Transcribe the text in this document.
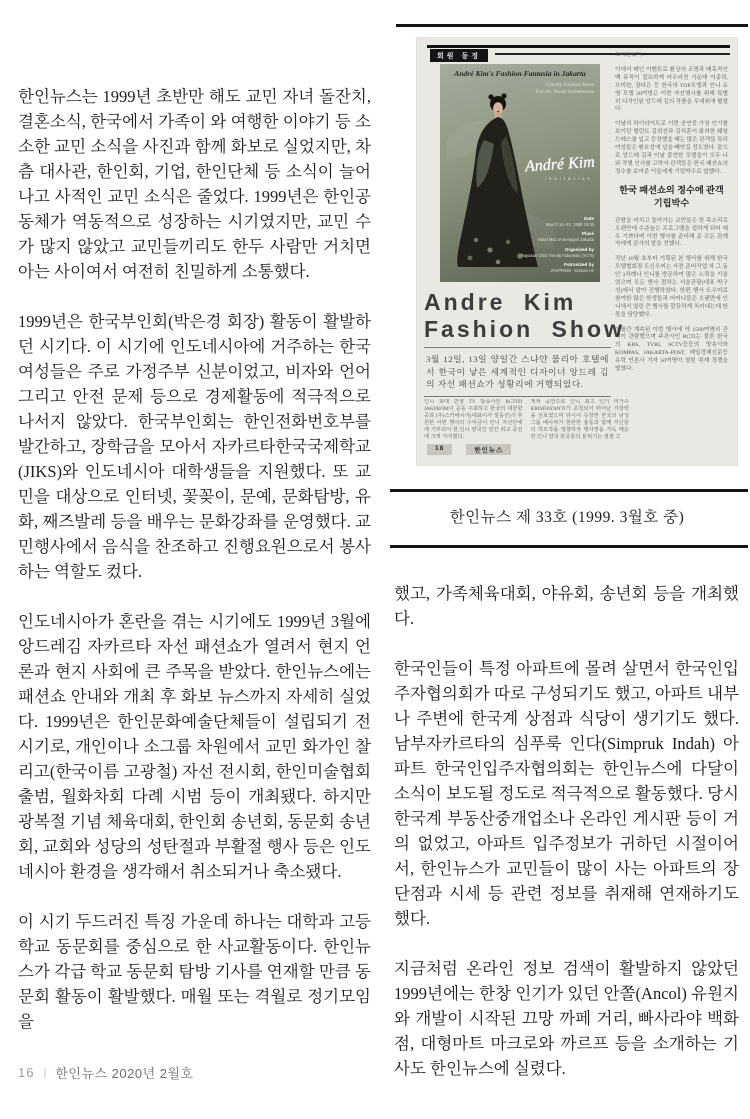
한인뉴스는 1999년 초반만 해도 교민 자녀 돌잔치, 결혼소식, 한국에서 가족이 와 여행한 이야기 등 소소한 교민 소식을 사진과 함께 화보로 실었지만, 차츰 대사관, 한인회, 기업, 한인단체 등 소식이 늘어나고 사적인 교민 소식은 줄었다. 1999년은 한인공동체가 역동적으로 성장하는 시기였지만, 교민 수가 많지 않았고 교민들끼리도 한두 사람만 거치면 아는 사이여서 여전히 친밀하게 소통했다.

1999년은 한국부인회(박은경 회장) 활동이 활발하던 시기다. 이 시기에 인도네시아에 거주하는 한국 여성들은 주로 가정주부 신분이었고, 비자와 언어 그리고 안전 문제 등으로 경제활동에 적극적으로 나서지 않았다. 한국부인회는 한인전화번호부를 발간하고, 장학금을 모아서 자카르타한국국제학교(JIKS)와 인도네시아 대학생들을 지원했다. 또 교민을 대상으로 인터넷, 꽃꽂이, 문예, 문화탐방, 유화, 째즈발레 등을 배우는 문화강좌를 운영했다. 교민행사에서 음식을 찬조하고 진행요원으로서 봉사하는 역할도 컸다.

인도네시아가 혼란을 겪는 시기에도 1999년 3월에 앙드레김 자카르타 자선 패션쇼가 열려서 현지 언론과 현지 사회에 큰 주목을 받았다. 한인뉴스에는 패션쇼 안내와 개최 후 화보 뉴스까지 자세히 실었다. 1999년은 한인문화예술단체들이 설립되기 전 시기로, 개인이나 소그룹 차원에서 교민 화가인 찰리고(한국이름 고광철) 자선 전시회, 한인미술협회 출범, 월화차회 다례 시범 등이 개최됐다. 하지만 광복절 기념 체육대회, 한인회 송년회, 동문회 송년회, 교회와 성당의 성탄절과 부활절 행사 등은 인도네시아 환경을 생각해서 취소되거나 축소됐다.

이 시기 두드러진 특징 가운데 하나는 대학과 고등학교 동문회를 중심으로 한 사교활동이다. 한인뉴스가 각급 학교 동문회 탐방 기사를 연재할 만큼 동문회 활동이 활발했다. 매월 또는 격월로 정기모임을

한인뉴스 제 33호 (1999. 3월호 중)
회원 동정
André Kim's Fashion Fantasia in Jakarta
Charity Fashion Show
For the Needy Indonesians
André Kim
invitation
Date
March 12~13, 1999 19:00
Place
Hotel MULIA Senayan Jakarta
Organized by
Yayasan Citra Trendy Indonesia (YCTI)
Patronized by
JAKPROM · Korean Air

초대받았다.

이에서 메인 이벤트로 환상의 조명과 매혹적인 백 뮤직이 절묘하게 어우러진 가운데 이종희, 오미란, 장다은 등 한국의 TOP모델과 인니 유명 모델 20여명은 이번 자선행사를 위해 특별히 디자인된 앙드레 김의 작품을 무대위에 펼쳤다.

이날의 하이라이트로 이번 공연중 가장 인기를 보이던 탤런트 김희선과 김석훈이 화려한 웨딩드레스를 입고 등장했을 때는 많은 관객들 특히 여성들은 환호성에 넋을 빼앗길 정도였다. 끝으로 앙드레 김과 이날 출연한 모델들이 모두 나와 작별 인사를 고하자 관객들은 한국 패션쇼의 정수를 보여준 이들에게 기립박수로 답했다.

한국 패션쇼의 정수에 관객 기립박수

관람을 마치고 돌아가는 교민들은 한 목소리로 오랜만에 수준높은 프로그램을 접하게 되어 매우 기쁘다며 이번 행사를 준비해 준 모든 관계자에게 감사의 말을 전했다.

작년 10월 초부터 기획된 본 행사를 위해 한국 모델협회장 도신우씨는 사전 준비작업 차 그 동안 3차례나 인니를 방문하여 많은 노력을 기울였으며 모든 행사 절차는 서울관광(대표 박구성)에서 맡아 진행하였다. 한편 행사 도우미로 참여한 많은 학생들과 어머니들은 오랜만에 인니에서 열린 큰 행사를 깔끔하게 치러내는데 한 몫을 담당했다.

이틀간 계속된 이번 행사에 약 1500여명의 관객이 관람했으며 주관사인 RCTI는 물론 한국의 KBS, TVRI, SCTV등등의 방송사와 KOMPAS, JAKARTA-POST, 매일경제신문등 유력 언론사 기자 50여명이 열띤 취재 경쟁을 벌였다.

Andre Kim
Fashion Show
3월 12일, 13일 양일간 스냐얀 물리아 호텔에서 한국이 낳은 세계적인 디자이너 앙드레 김의 자선 패션쇼가 성황리에 거행되었다.
인니 최대 민영 TV 방송사인 RCTI와 JAKPROM이 공동 주최하고 한국의 대한항공과 (주)스카에시아(대표이사 정동선)가 후원한 이번 행사의 수익금이 인니 자선단체에 기부되어 한.인니 양국간 민간 외교 증진에 크게 기여했다.
게짜 공연으로 인니 최고 인기 여가수 KRISDAYANTI가 초청되어 뛰어난 가창력을 선보였으며 뒤이어 등장한 한국의 남성그룹 베사차가 현란한 율동과 함께 자신들의 히트작을 열창하자 행사장을 가득 메운 한.인니 양국 관중들의 분위기는 점점 고
18	한인뉴스

했고, 가족체육대회, 야유회, 송년회 등을 개최했다.

한국인들이 특정 아파트에 몰려 살면서 한국인입주자협의회가 따로 구성되기도 했고, 아파트 내부나 주변에 한국계 상점과 식당이 생기기도 했다. 남부자카르타의 심푸룩 인다(Simpruk Indah) 아파트 한국인입주자협의회는 한인뉴스에 다달이 소식이 보도될 정도로 적극적으로 활동했다. 당시 한국계 부동산중개업소나 온라인 게시판 등이 거의 없었고, 아파트 입주정보가 귀하던 시절이어서, 한인뉴스가 교민들이 많이 사는 아파트의 장단점과 시세 등 관련 정보를 취재해 연재하기도 했다.

지금처럼 온라인 정보 검색이 활발하지 않았던 1999년에는 한창 인기가 있던 안쫄(Ancol) 유원지와 개발이 시작된 끄망 까페 거리, 빠사라야 백화점, 대형마트 마크로와 까르프 등을 소개하는 기사도 한인뉴스에 실렸다.

16 | 한인뉴스 2020년 2월호
